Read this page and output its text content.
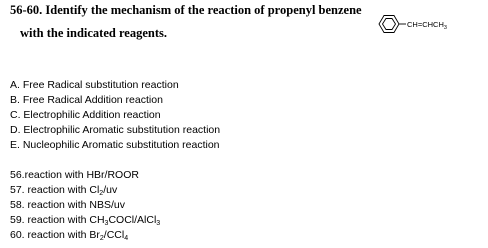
56-60. Identify the mechanism of the reaction of propenyl benzene
with the indicated reagents.
$CH=CHCH_3$
A. Free Radical substitution reaction
B. Free Radical Addition reaction
C. Electrophilic Addition reaction
D. Electrophilic Aromatic substitution reaction
E. Nucleophilic Aromatic substitution reaction
56.reaction with HBr/ROOR
57. reaction with $Cl_2/uv$
58. reaction with NBS/uv
59. reaction with $CH_3COCl/AlCl_3$
60. reaction with $Br_2/CCl_4$
